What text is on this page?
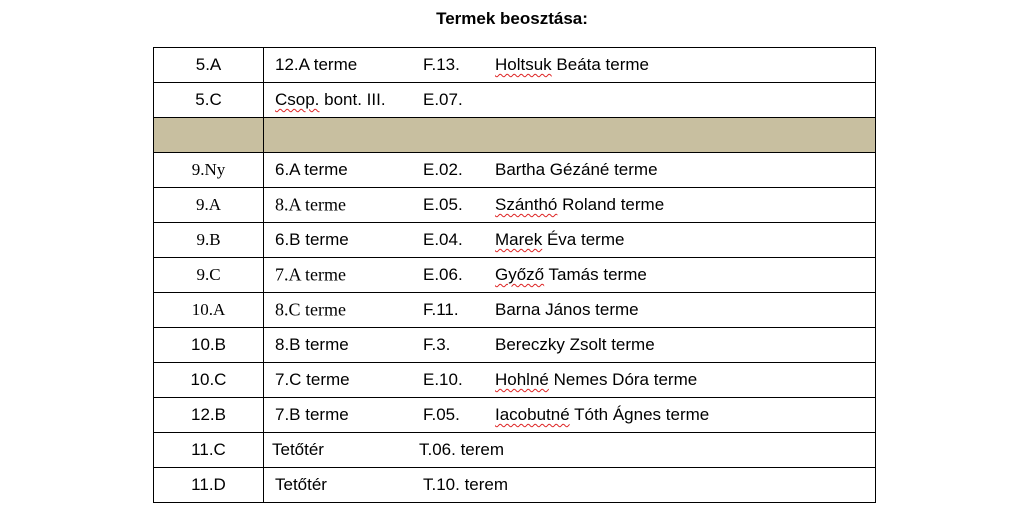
Termek beosztása:
5.A	12.A terme F.13. Holtsuk Beáta terme

5.C	Csop. bont. III. E.07.

9.Ny	6.A terme E.02. Bartha Gézáné terme

9.A	8.A terme E.05. Szánthó Roland terme

9.B	6.B terme E.04. Marek Éva terme

9.C	7.A terme E.06. Győző Tamás terme

10.A	8.C terme F.11. Barna János terme

10.B	8.B terme F.3. Bereczky Zsolt terme

10.C	7.C terme E.10. Hohlné Nemes Dóra terme

12.B	7.B terme F.05. Iacobutné Tóth Ágnes terme

11.C	Tetőtér T.06. terem

11.D	Tetőtér T.10. terem
